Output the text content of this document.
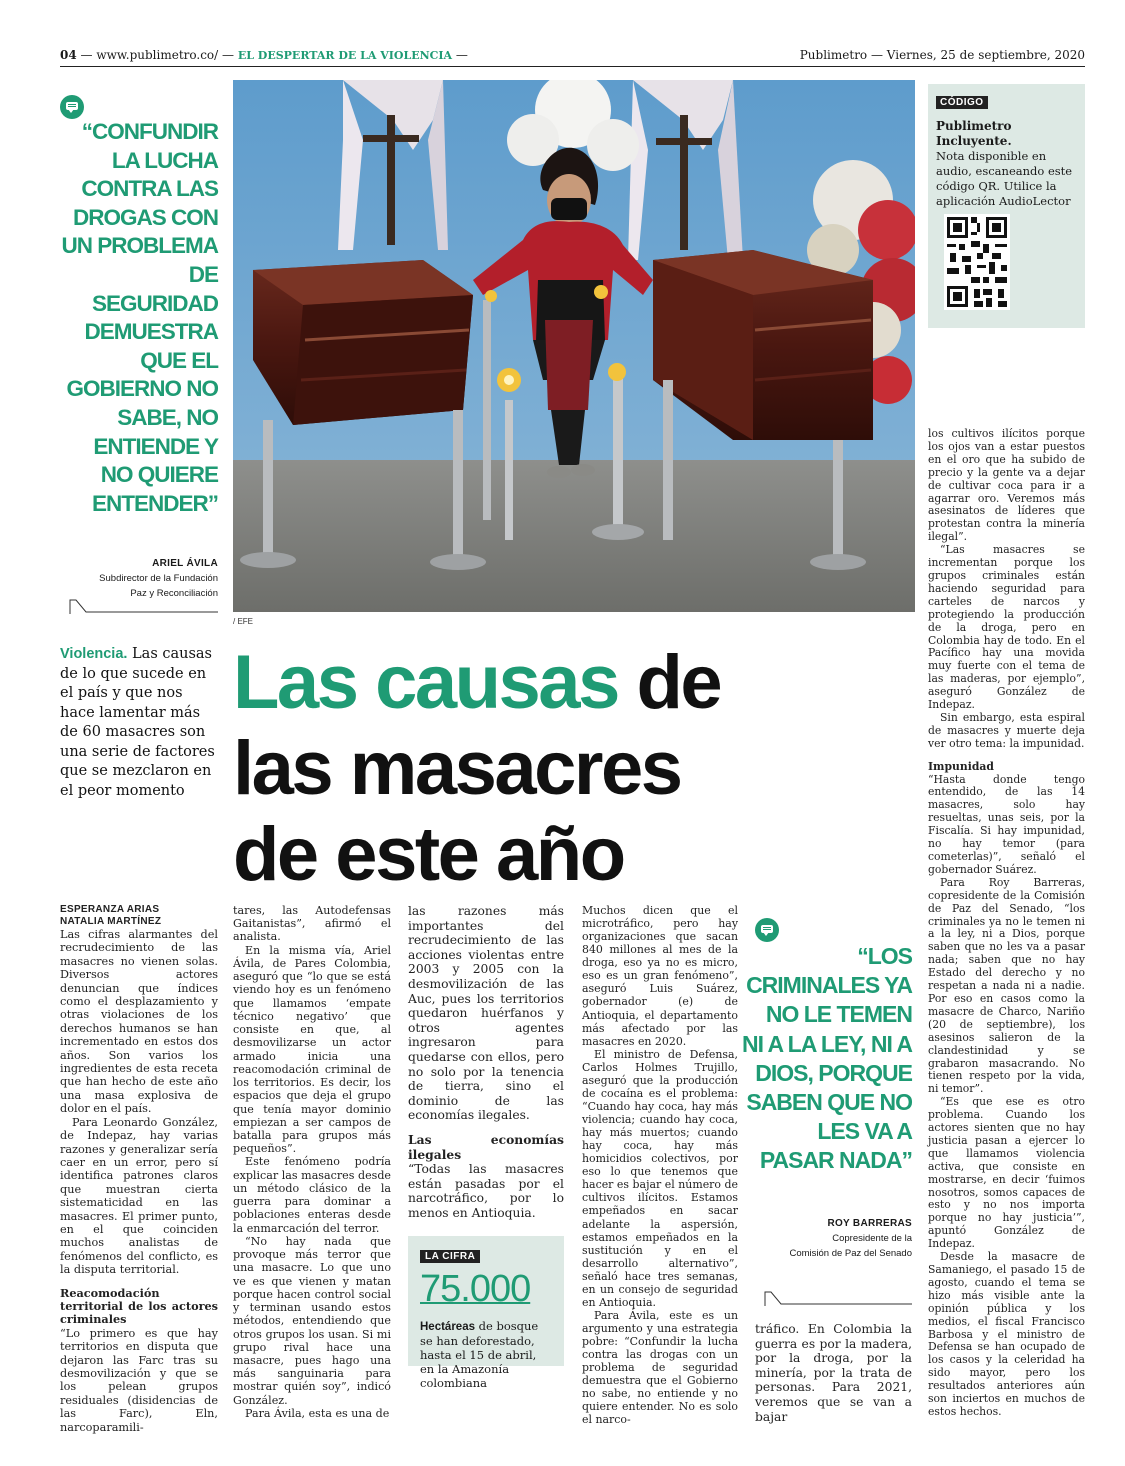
04 — www.publimetro.co/ — EL DESPERTAR DE LA VIOLENCIA —	Publimetro — Viernes, 25 de septiembre, 2020
“CONFUNDIR LA LUCHA CONTRA LAS DROGAS CON UN PROBLEMA DE SEGURIDAD DEMUESTRA QUE EL GOBIERNO NO SABE, NO ENTIENDE Y NO QUIERE ENTENDER”
ARIEL ÁVILA
Subdirector de la Fundación
Paz y Reconciliación
/ EFE
CÓDIGO
Publimetro Incluyente.
Nota disponible en audio, escaneando este código QR. Utilice la aplicación AudioLector
Violencia. Las causas de lo que sucede en el país y que nos hace lamentar más de 60 masacres son una serie de factores que se mezclaron en el peor momento
Las causas de
las masacres
de este año
ESPERANZA ARIAS
NATALIA MARTÍNEZ

Las cifras alarmantes del recrudecimiento de las masacres no vienen solas. Diversos actores denuncian que índices como el desplazamiento y otras violaciones de los derechos humanos se han incrementado en estos dos años. Son varios los ingredientes de esta receta que han hecho de este año una masa explosiva de dolor en el país.

Para Leonardo González, de Indepaz, hay varias razones y generalizar sería caer en un error, pero sí identifica patrones claros que muestran cierta sistematicidad en las masacres. El primer punto, en el que coinciden muchos analistas de fenómenos del conflicto, es la disputa territorial.

Reacomodación territorial de los actores criminales

“Lo primero es que hay territorios en disputa que dejaron las Farc tras su desmovilización y que se los pelean grupos residuales (disidencias de las Farc), Eln, narcoparamili-

tares, las Autodefensas Gaitanistas”, afirmó el analista.

En la misma vía, Ariel Ávila, de Pares Colombia, aseguró que “lo que se está viendo hoy es un fenómeno que llamamos ‘empate técnico negativo’ que consiste en que, al desmovilizarse un actor armado inicia una reacomodación criminal de los territorios. Es decir, los espacios que deja el grupo que tenía mayor dominio empiezan a ser campos de batalla para grupos más pequeños”.

Este fenómeno podría explicar las masacres desde un método clásico de la guerra para dominar a poblaciones enteras desde la enmarcación del terror.

“No hay nada que provoque más terror que una masacre. Lo que uno ve es que vienen y matan porque hacen control social y terminan usando estos métodos, entendiendo que otros grupos los usan. Si mi grupo rival hace una masacre, pues hago una más sanguinaria para mostrar quién soy”, indicó González.

Para Ávila, esta es una de

las razones más importantes del recrudecimiento de las acciones violentas entre 2003 y 2005 con la desmovilización de las Auc, pues los territorios quedaron huérfanos y otros agentes ingresaron para quedarse con ellos, pero no solo por la tenencia de tierra, sino el dominio de las economías ilegales.

Las economías ilegales

“Todas las masacres están pasadas por el narcotráfico, por lo menos en Antioquia.

LA CIFRA
75.000
Hectáreas de bosque se han deforestado, hasta el 15 de abril, en la Amazonía colombiana

Muchos dicen que el microtráfico, pero hay organizaciones que sacan 840 millones al mes de la droga, eso ya no es micro, eso es un gran fenómeno”, aseguró Luis Suárez, gobernador (e) de Antioquia, el departamento más afectado por las masacres en 2020.

El ministro de Defensa, Carlos Holmes Trujillo, aseguró que la producción de cocaína es el problema: “Cuando hay coca, hay más violencia; cuando hay coca, hay más muertos; cuando hay coca, hay más homicidios colectivos, por eso lo que tenemos que hacer es bajar el número de cultivos ilícitos. Estamos empeñados en sacar adelante la aspersión, estamos empeñados en la sustitución y en el desarrollo alternativo”, señaló hace tres semanas, en un consejo de seguridad en Antioquia.

Para Ávila, este es un argumento y una estrategia pobre: “Confundir la lucha contra las drogas con un problema de seguridad demuestra que el Gobierno no sabe, no entiende y no quiere entender. No es solo el narco-

“LOS CRIMINALES YA NO LE TEMEN NI A LA LEY, NI A DIOS, PORQUE SABEN QUE NO LES VA A PASAR NADA”
ROY BARRERAS
Copresidente de la
Comisión de Paz del Senado

tráfico. En Colombia la guerra es por la madera, por la droga, por la minería, por la trata de personas. Para 2021, veremos que se van a bajar

los cultivos ilícitos porque los ojos van a estar puestos en el oro que ha subido de precio y la gente va a dejar de cultivar coca para ir a agarrar oro. Veremos más asesinatos de líderes que protestan contra la minería ilegal”.

“Las masacres se incrementan porque los grupos criminales están haciendo seguridad para carteles de narcos y protegiendo la producción de la droga, pero en Colombia hay de todo. En el Pacífico hay una movida muy fuerte con el tema de las maderas, por ejemplo”, aseguró González de Indepaz.

Sin embargo, esta espiral de masacres y muerte deja ver otro tema: la impunidad.

Impunidad

“Hasta donde tengo entendido, de las 14 masacres, solo hay resueltas, unas seis, por la Fiscalía. Si hay impunidad, no hay temor (para cometerlas)”, señaló el gobernador Suárez.

Para Roy Barreras, copresidente de la Comisión de Paz del Senado, “los criminales ya no le temen ni a la ley, ni a Dios, porque saben que no les va a pasar nada; saben que no hay Estado del derecho y no respetan a nada ni a nadie. Por eso en casos como la masacre de Charco, Nariño (20 de septiembre), los asesinos salieron de la clandestinidad y se grabaron masacrando. No tienen respeto por la vida, ni temor”.

“Es que ese es otro problema. Cuando los actores sienten que no hay justicia pasan a ejercer lo que llamamos violencia activa, que consiste en mostrarse, en decir ‘fuimos nosotros, somos capaces de esto y no nos importa porque no hay justicia’”, apuntó González de Indepaz.

Desde la masacre de Samaniego, el pasado 15 de agosto, cuando el tema se hizo más visible ante la opinión pública y los medios, el fiscal Francisco Barbosa y el ministro de Defensa se han ocupado de los casos y la celeridad ha sido mayor, pero los resultados anteriores aún son inciertos en muchos de estos hechos.
